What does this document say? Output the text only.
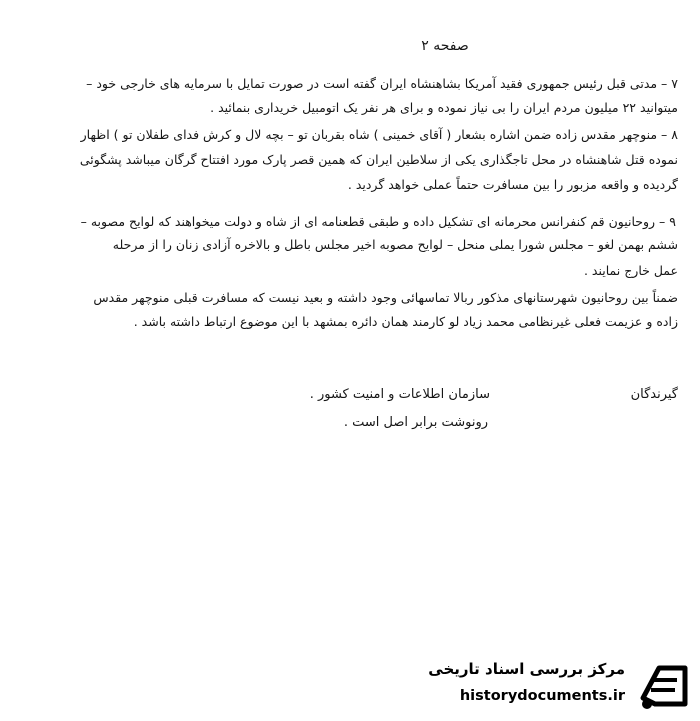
صفحه ۲
۷ – مدتی قبل رئیس جمهوری فقید آمریکا بشاهنشاه ایران گفته است در صورت تمایل با سرمایه های خارجی خود –
میتوانید ۲۲ میلیون مردم ایران را بی نیاز نموده و برای هر نفر یک اتومبیل خریداری بنمائید .
۸ – منوچهر مقدس زاده ضمن اشاره بشعار ( آقای خمینی ) شاه بقربان تو – بچه لال و کرش فدای طفلان تو ) اظهار
نموده قتل شاهنشاه در محل تاجگذاری یکی از سلاطین ایران که همین قصر پارک مورد افتتاح گرگان میباشد پشگوئی
گردیده و واقعه مزبور را بین مسافرت حتماً عملی خواهد گردید .
۹ – روحانیون قم کنفرانس محرمانه ای تشکیل داده و طبقی قطعنامه ای از شاه و دولت میخواهند که لوایح مصوبه –
ششم بهمن لغو – مجلس شورا یملی منحل – لوایح مصوبه اخیر مجلس باطل و بالاخره آزادی زنان را از مرحله
عمل خارج نمایند .
ضمناً بین روحانیون شهرستانهای مذکور ربالا تماسهائی وجود داشته و بعید نیست که مسافرت قبلی منوچهر مقدس
زاده و عزیمت فعلی غیرنظامی محمد زیاد لو کارمند همان دائره بمشهد با این موضوع ارتباط داشته باشد .
گیرندگان
سازمان اطلاعات و امنیت کشور .
رونوشت برابر اصل است .
مرکز بررسی اسناد تاریخی
historydocuments.ir
